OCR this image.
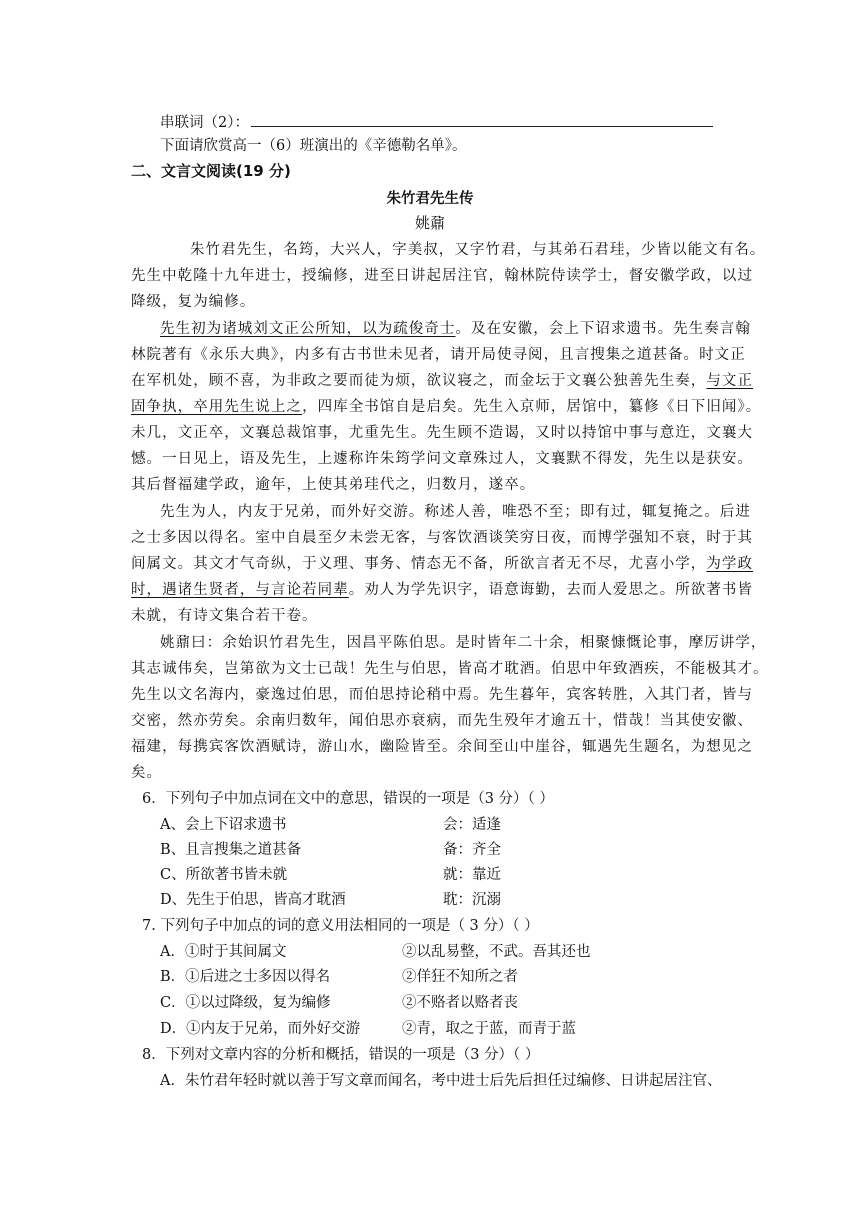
串联词（2）：
下面请欣赏高一（6）班演出的《辛德勒名单》。
二、文言文阅读(19 分)
朱竹君先生传
姚鼐
朱竹君先生，名筠，大兴人，字美叔，又字竹君，与其弟石君珪，少皆以能文有名。
先生中乾隆十九年进士，授编修，进至日讲起居注官，翰林院侍读学士，督安徽学政，以过
降级，复为编修。
先生初为诸城刘文正公所知，以为疏俊奇士。及在安徽，会上下诏求遗书。先生奏言翰
林院著有《永乐大典》，内多有古书世未见者，请开局使寻阅，且言搜集之道甚备。时文正
在军机处，顾不喜，为非政之要而徒为烦，欲议寝之，而金坛于文襄公独善先生奏，与文正
固争执，卒用先生说上之，四库全书馆自是启矣。先生入京师，居馆中，纂修《日下旧闻》。
未几，文正卒，文襄总裁馆事，尤重先生。先生顾不造谒，又时以持馆中事与意迕，文襄大
憾。一日见上，语及先生，上遽称许朱筠学问文章殊过人，文襄默不得发，先生以是获安。
其后督福建学政，逾年，上使其弟珪代之，归数月，遂卒。
先生为人，内友于兄弟，而外好交游。称述人善，唯恐不至；即有过，辄复掩之。后进
之士多因以得名。室中自晨至夕未尝无客，与客饮酒谈笑穷日夜，而博学强知不衰，时于其
间属文。其文才气奇纵，于义理、事务、情态无不备，所欲言者无不尽，尤喜小学，为学政
时，遇诸生贤者，与言论若同辈。劝人为学先识字，语意诲勤，去而人爱思之。所欲著书皆
未就，有诗文集合若干卷。
姚鼐曰：余始识竹君先生，因昌平陈伯思。是时皆年二十余，相聚慷慨论事，摩厉讲学，
其志诚伟矣，岂第欲为文士已哉！先生与伯思，皆高才耽酒。伯思中年致酒疾，不能极其才。
先生以文名海内，豪逸过伯思，而伯思持论稍中焉。先生暮年，宾客转胜，入其门者，皆与
交密，然亦劳矣。余南归数年，闻伯思亦衰病，而先生殁年才逾五十，惜哉！当其使安徽、
福建，每携宾客饮酒赋诗，游山水，幽险皆至。余间至山中崖谷，辄遇先生题名，为想见之
矣。
6．下列句子中加点词在文中的意思，错误的一项是（3 分）（ ）
A、会上下诏求遗书	会：适逢
B、且言搜集之道甚备	备：齐全
C、所欲著书皆未就	就：靠近
D、先生于伯思，皆高才耽酒	耽：沉溺
7. 下列句子中加点的词的意义用法相同的一项是（ 3 分）（ ）
A．①时于其间属文	②以乱易整，不武。吾其还也
B．①后进之士多因以得名	②佯狂不知所之者
C．①以过降级，复为编修	②不赂者以赂者丧
D．①内友于兄弟，而外好交游	②青，取之于蓝，而青于蓝
8．下列对文章内容的分析和概括，错误的一项是（3 分）（ ）
A．朱竹君年轻时就以善于写文章而闻名，考中进士后先后担任过编修、日讲起居注官、
